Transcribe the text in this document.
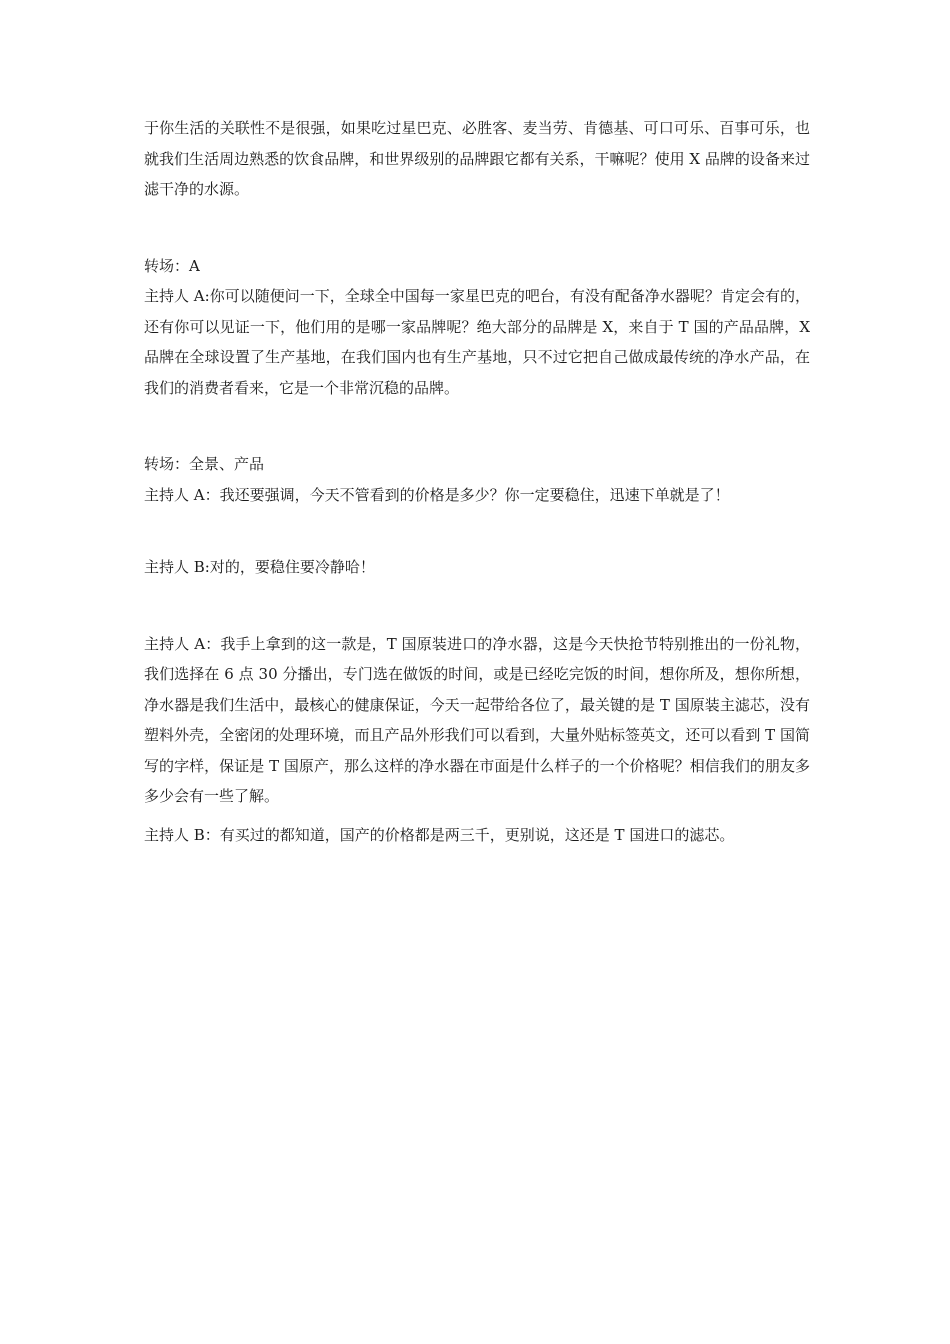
于你生活的关联性不是很强，如果吃过星巴克、必胜客、麦当劳、肯德基、可口可乐、百事可乐，也就我们生活周边熟悉的饮食品牌，和世界级别的品牌跟它都有关系，干嘛呢？使用 X 品牌的设备来过滤干净的水源。

转场：A

主持人 A:你可以随便问一下，全球全中国每一家星巴克的吧台，有没有配备净水器呢？肯定会有的，还有你可以见证一下，他们用的是哪一家品牌呢？绝大部分的品牌是 X，来自于 T 国的产品品牌，X 品牌在全球设置了生产基地，在我们国内也有生产基地，只不过它把自己做成最传统的净水产品，在我们的消费者看来，它是一个非常沉稳的品牌。

转场：全景、产品

主持人 A：我还要强调，今天不管看到的价格是多少？你一定要稳住，迅速下单就是了！

主持人 B:对的，要稳住要冷静哈！

主持人 A：我手上拿到的这一款是，T 国原装进口的净水器，这是今天快抢节特别推出的一份礼物，我们选择在 6 点 30 分播出，专门选在做饭的时间，或是已经吃完饭的时间，想你所及，想你所想，净水器是我们生活中，最核心的健康保证，今天一起带给各位了，最关键的是 T 国原装主滤芯，没有塑料外壳，全密闭的处理环境，而且产品外形我们可以看到，大量外贴标签英文，还可以看到 T 国简写的字样，保证是 T 国原产，那么这样的净水器在市面是什么样子的一个价格呢？相信我们的朋友多多少会有一些了解。

主持人 B：有买过的都知道，国产的价格都是两三千，更别说，这还是 T 国进口的滤芯。
